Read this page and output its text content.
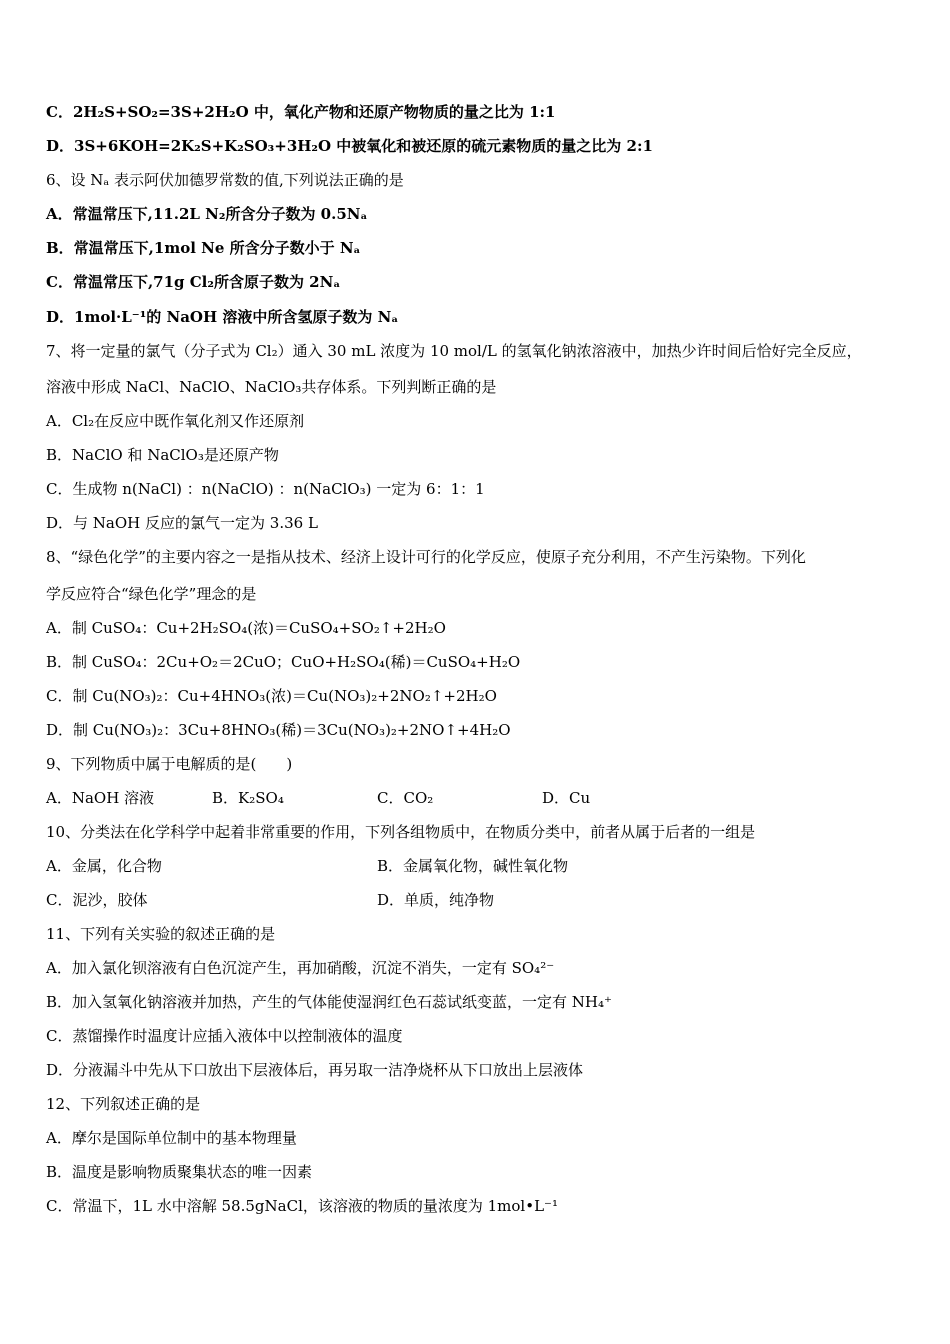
C．2H₂S+SO₂=3S+2H₂O 中，氧化产物和还原产物物质的量之比为 1:1
D．3S+6KOH=2K₂S+K₂SO₃+3H₂O 中被氧化和被还原的硫元素物质的量之比为 2:1
6、设 Nₐ 表示阿伏加德罗常数的值,下列说法正确的是
A．常温常压下,11.2L N₂所含分子数为 0.5Nₐ
B．常温常压下,1mol Ne 所含分子数小于 Nₐ
C．常温常压下,71g Cl₂所含原子数为 2Nₐ
D．1mol·L⁻¹的 NaOH 溶液中所含氢原子数为 Nₐ
7、将一定量的氯气（分子式为 Cl₂）通入 30 mL 浓度为 10 mol/L 的氢氧化钠浓溶液中，加热少许时间后恰好完全反应，
溶液中形成 NaCl、NaClO、NaClO₃共存体系。下列判断正确的是
A．Cl₂在反应中既作氧化剂又作还原剂
B．NaClO 和 NaClO₃是还原产物
C．生成物 n(NaCl) ：n(NaClO) ：n(NaClO₃) 一定为 6：1：1
D．与 NaOH 反应的氯气一定为 3.36 L
8、“绿色化学”的主要内容之一是指从技术、经济上设计可行的化学反应，使原子充分利用，不产生污染物。下列化
学反应符合“绿色化学”理念的是
A．制 CuSO₄：Cu+2H₂SO₄(浓)＝CuSO₄+SO₂↑+2H₂O
B．制 CuSO₄：2Cu+O₂＝2CuO；CuO+H₂SO₄(稀)＝CuSO₄+H₂O
C．制 Cu(NO₃)₂：Cu+4HNO₃(浓)＝Cu(NO₃)₂+2NO₂↑+2H₂O
D．制 Cu(NO₃)₂：3Cu+8HNO₃(稀)＝3Cu(NO₃)₂+2NO↑+4H₂O
9、下列物质中属于电解质的是(　　)
A．NaOH 溶液	B．K₂SO₄	C．CO₂	D．Cu
10、分类法在化学科学中起着非常重要的作用，下列各组物质中，在物质分类中，前者从属于后者的一组是
A．金属，化合物	B．金属氧化物，碱性氧化物
C．泥沙，胶体	D．单质，纯净物
11、下列有关实验的叙述正确的是
A．加入氯化钡溶液有白色沉淀产生，再加硝酸，沉淀不消失，一定有 SO₄²⁻
B．加入氢氧化钠溶液并加热，产生的气体能使湿润红色石蕊试纸变蓝，一定有 NH₄⁺
C．蒸馏操作时温度计应插入液体中以控制液体的温度
D．分液漏斗中先从下口放出下层液体后，再另取一洁净烧杯从下口放出上层液体
12、下列叙述正确的是
A．摩尔是国际单位制中的基本物理量
B．温度是影响物质聚集状态的唯一因素
C．常温下，1L 水中溶解 58.5gNaCl，该溶液的物质的量浓度为 1mol•L⁻¹
